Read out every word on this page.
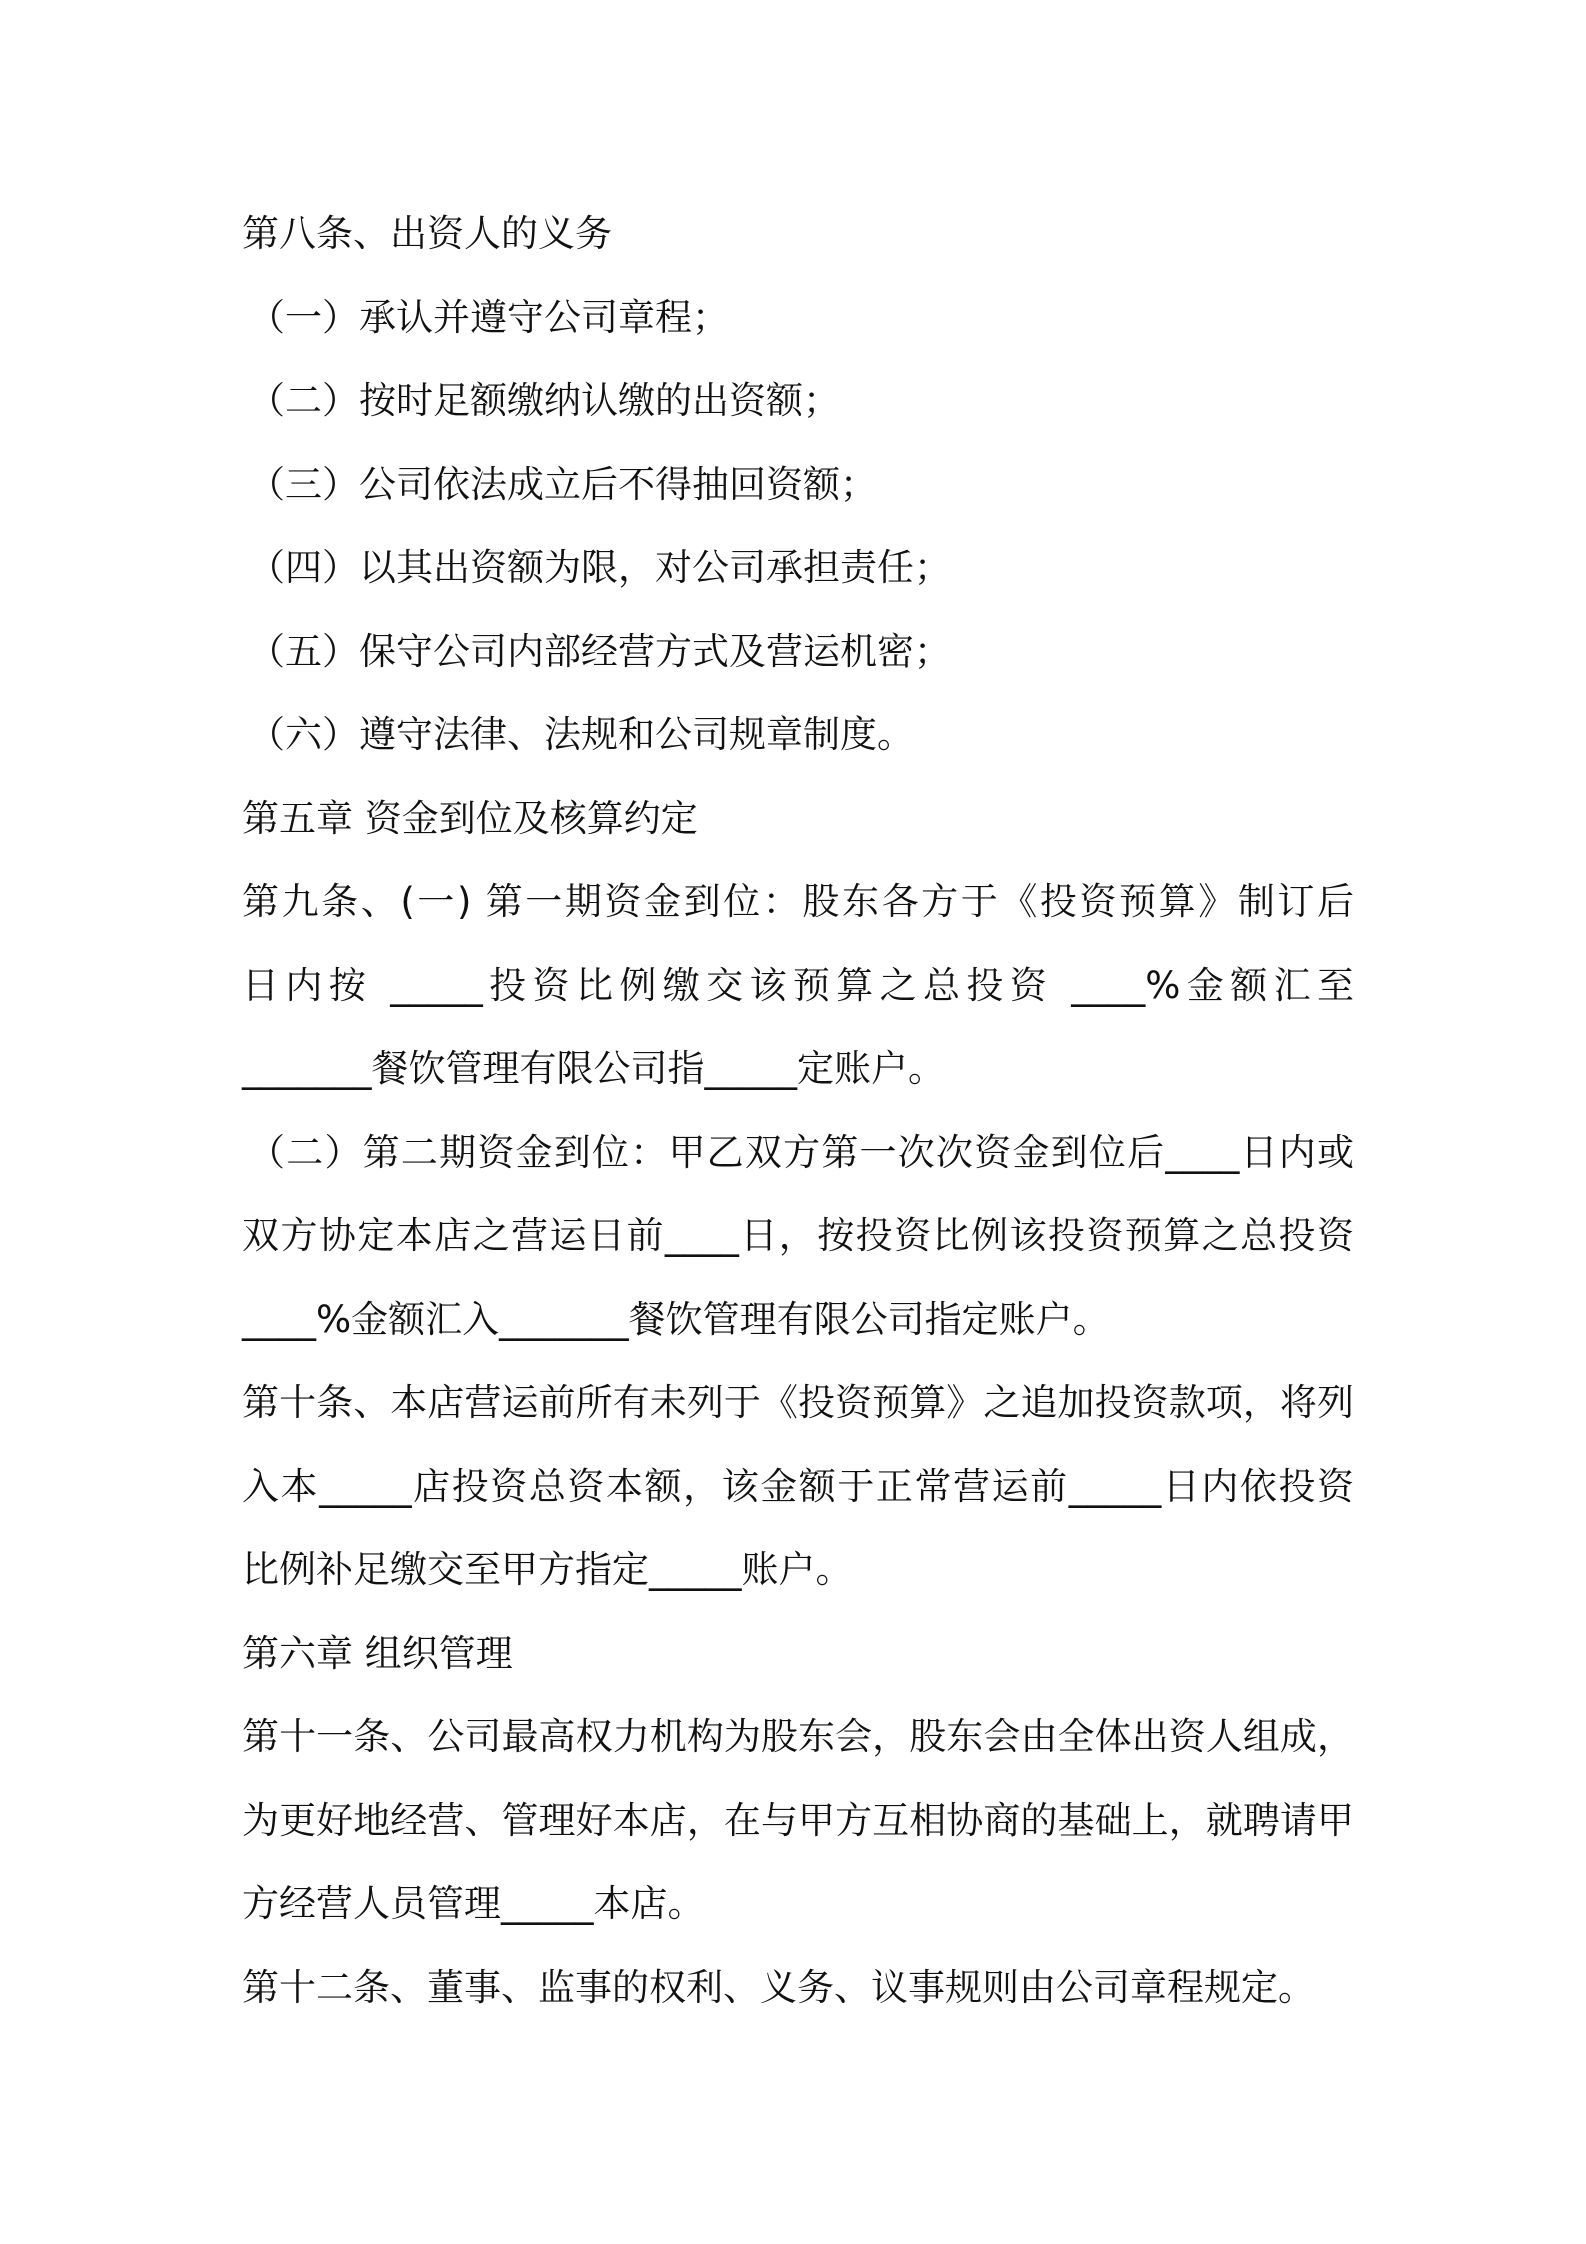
第八条、出资人的义务
（一）承认并遵守公司章程；
（二）按时足额缴纳认缴的出资额；
（三）公司依法成立后不得抽回资额；
（四）以其出资额为限，对公司承担责任；
（五）保守公司内部经营方式及营运机密；
（六）遵守法律、法规和公司规章制度。
第五章 资金到位及核算约定
第九条、(一) 第一期资金到位：股东各方于《投资预算》制订后
日内按 _____投资比例缴交该预算之总投资 ____%金额汇至
_______餐饮管理有限公司指_____定账户。
（二）第二期资金到位：甲乙双方第一次次资金到位后____日内或
双方协定本店之营运日前____日，按投资比例该投资预算之总投资
____%金额汇入_______餐饮管理有限公司指定账户。
第十条、本店营运前所有未列于《投资预算》之追加投资款项，将列
入本_____店投资总资本额，该金额于正常营运前_____日内依投资
比例补足缴交至甲方指定_____账户。
第六章 组织管理
第十一条、公司最高权力机构为股东会，股东会由全体出资人组成，
为更好地经营、管理好本店，在与甲方互相协商的基础上，就聘请甲
方经营人员管理_____本店。
第十二条、董事、监事的权利、义务、议事规则由公司章程规定。
